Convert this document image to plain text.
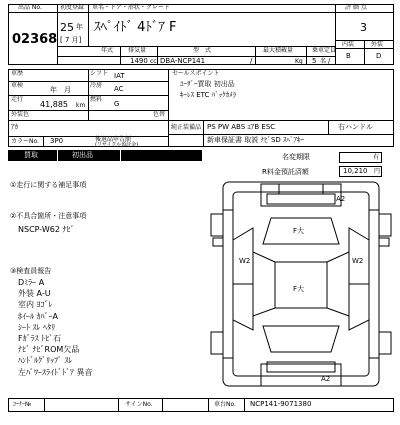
出品 No.
02368
初度登録
25 年
[ 7 月]
車名・ドア・形状・グレード
ｽﾍﾟｲﾄﾞ 4ﾄﾞｱ F
評 価 点
3
内装	外装
B	D
年式 排気量
1490 cc
型　式
DBA-NCP141	/
最大積載量
Kg
乗車定員
5 名 /
車歴	シフト IAT
車検
年　月
冷房 AC
走行
41,885 km
燃料
G
外装色
ｱｶ
色替
カラーNo. 3P0
セールスポイント
ﾕｰｻﾞｰ買取 初出品
ｷｰﾚｽ ETC ﾊﾞｯｸｶﾒﾗ
純正装備品 PS PW ABS ｴｱB ESC	右ハンドル
後退品申告額
(リサイクル預託金)
新車保証書 取説 ﾅﾋﾞSD ｽﾍﾟｱｷｰ
買取	初出品	名変期限	有
R料金預託済額	10,210 円
①走行に関する補足事項
②不具合箇所・注意事項
NSCP-W62 ﾅﾋﾞ
③検査員報告
Dﾐﾗｰ A
外装 A-U
室内 ﾖｺﾞﾚ
ﾎｲｰﾙ ｶﾊﾞｰA
ｼｰﾄ ｽﾚ ﾍﾀﾘ
Fｶﾞﾗｽ ﾄﾋﾞ石
ﾅﾋﾞ ﾅﾋﾞROM欠品
ﾊﾝﾄﾞﾙｸﾞﾘｯﾌﾟ ｽﾚ
左ﾊﾟﾜｰｽﾗｲﾄﾞﾄﾞｱ 異音
A2
F大
W2	W2
F大
A2
ｺｰﾅｰ№	サインNo.	車台No. NCP141-9071380
